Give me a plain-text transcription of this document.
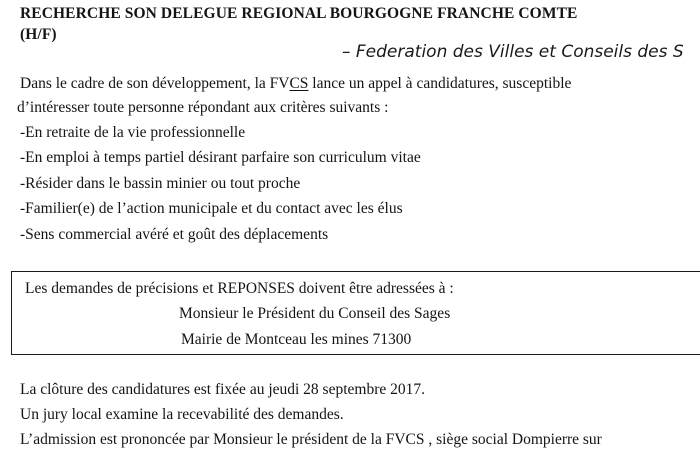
RECHERCHE SON DELEGUE REGIONAL BOURGOGNE FRANCHE COMTE
(H/F)
– Federation des Villes et Conseils des S
Dans le cadre de son développement, la FVCS lance un appel à candidatures, susceptible
d’intéresser toute personne répondant aux critères suivants :
-En retraite de la vie professionnelle
-En emploi à temps partiel désirant parfaire son curriculum vitae
-Résider dans le bassin minier ou tout proche
-Familier(e) de l’action municipale et du contact avec les élus
-Sens commercial avéré et goût des déplacements
Les demandes de précisions et REPONSES doivent être adressées à :
Monsieur le Président du Conseil des Sages
Mairie de Montceau les mines 71300
La clôture des candidatures est fixée au jeudi 28 septembre 2017.
Un jury local examine la recevabilité des demandes.
L’admission est prononcée par Monsieur le président de la FVCS , siège social Dompierre sur
